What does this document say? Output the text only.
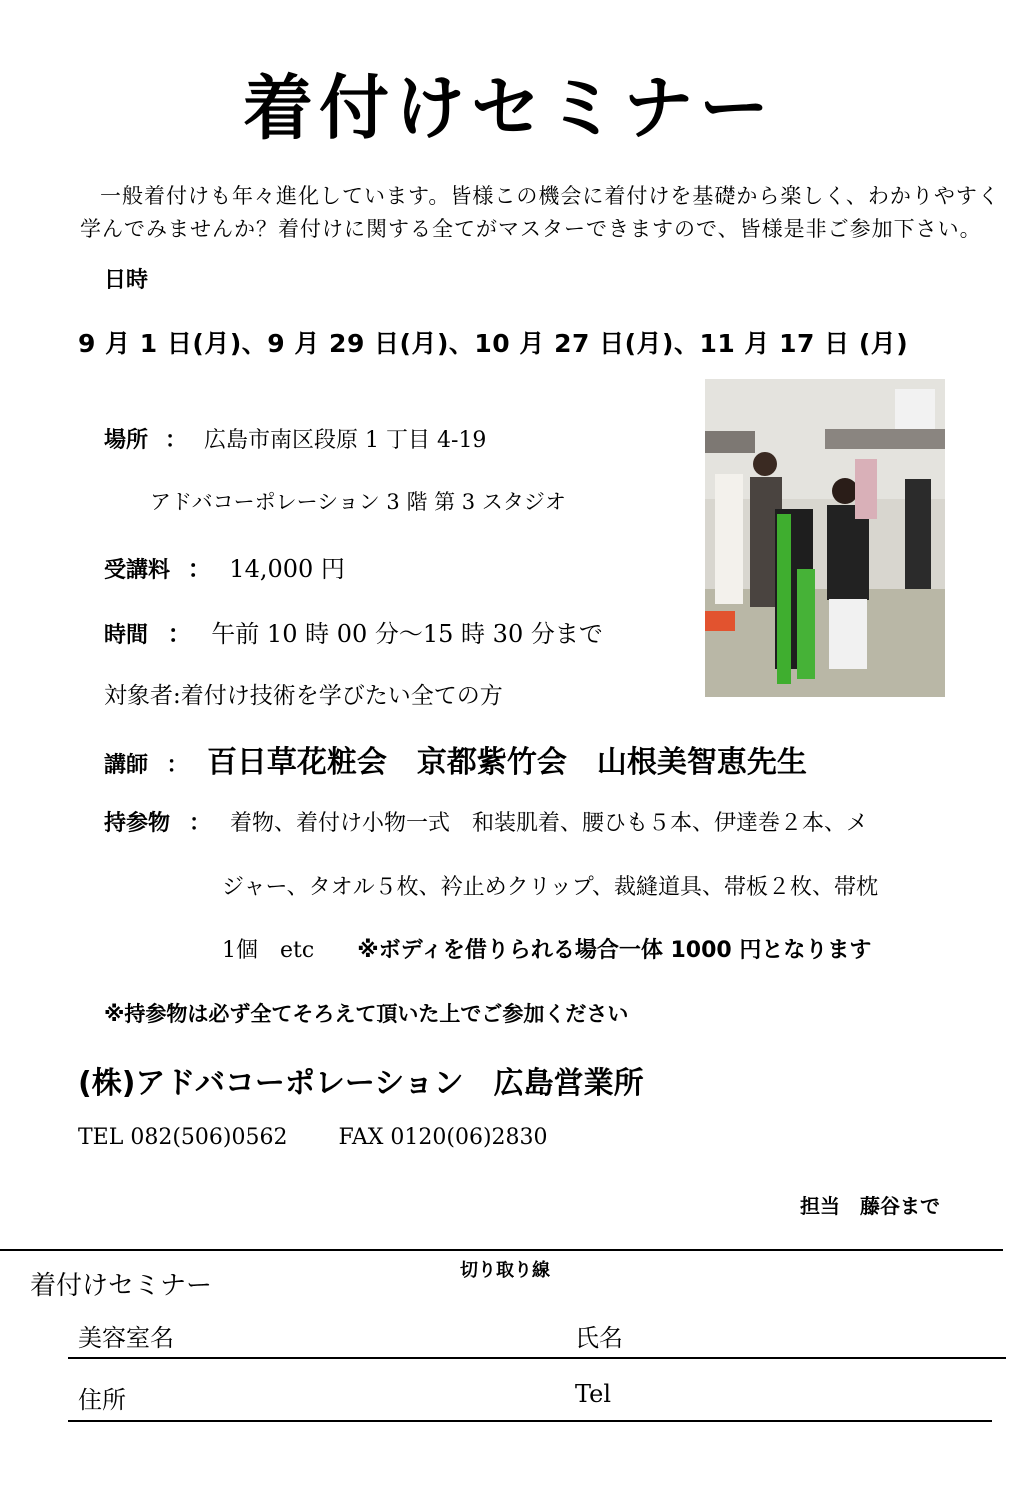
着付けセミナー
一般着付けも年々進化しています。皆様この機会に着付けを基礎から楽しく、わかりやすく
学んでみませんか？着付けに関する全てがマスターできますので、皆様是非ご参加下さい。
日時
9 月 1 日(月)、9 月 29 日(月)、10 月 27 日(月)、11 月 17 日 (月)
場所 ： 広島市南区段原 1 丁目 4-19
アドバコーポレーション 3 階 第 3 スタジオ
受講料 ： 14,000 円
時間 ： 午前 10 時 00 分～15 時 30 分まで
対象者:着付け技術を学びたい全ての方
講師 ： 百日草花粧会　京都紫竹会　山根美智恵先生
持参物 ： 着物、着付け小物一式　和装肌着、腰ひも５本、伊達巻２本、メ
ジャー、タオル５枚、衿止めクリップ、裁縫道具、帯板２枚、帯枕
1個　etc ※ボディを借りられる場合一体 1000 円となります
※持参物は必ず全てそろえて頂いた上でご参加ください
(株)アドバコーポレーション　広島営業所
TEL 082(506)0562 FAX 0120(06)2830
担当　藤谷まで
切り取り線
着付けセミナー
美容室名	氏名
住所	Tel
